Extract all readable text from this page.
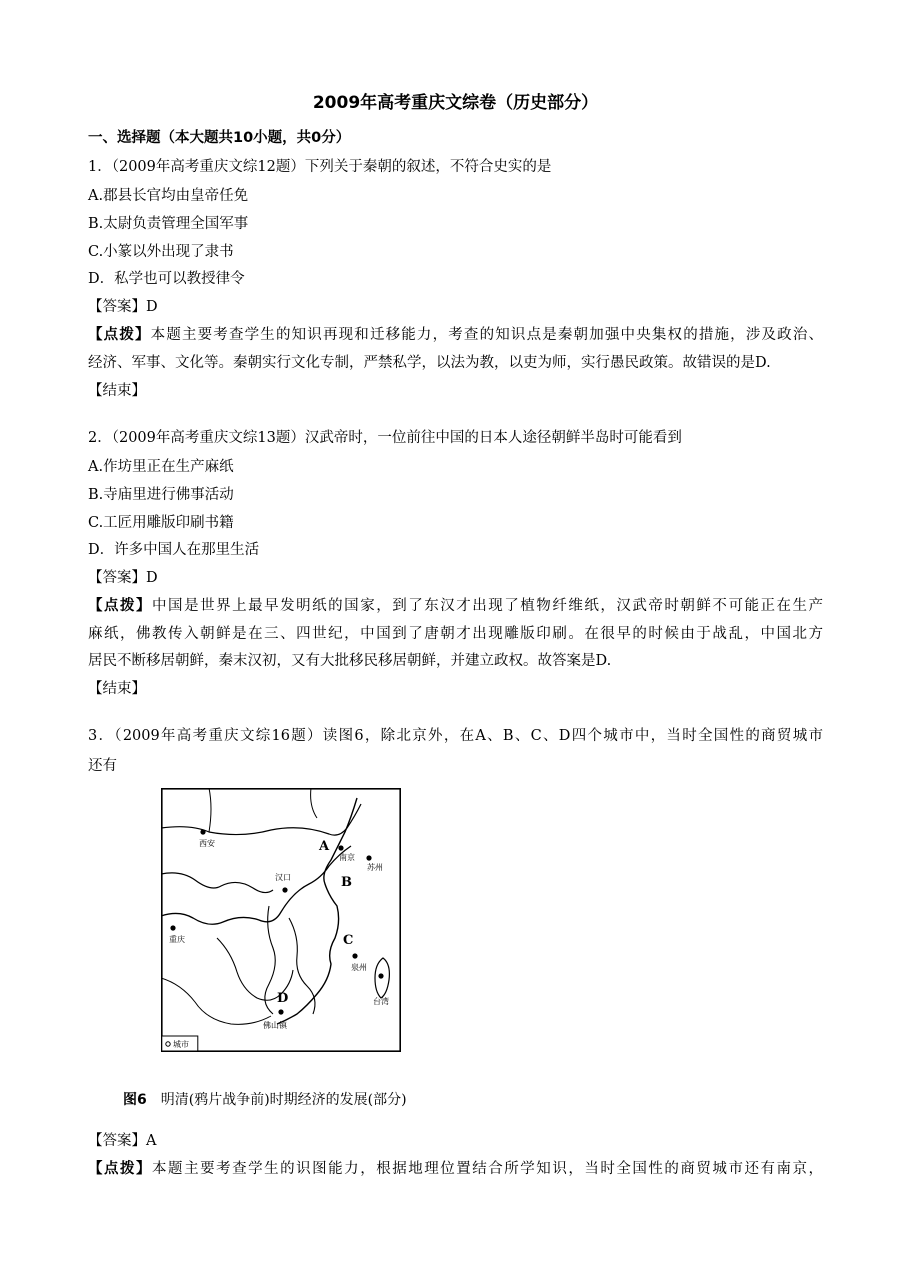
2009年高考重庆文综卷（历史部分）
一、选择题（本大题共10小题，共0分）
1．（2009年高考重庆文综12题）下列关于秦朝的叙述，不符合史实的是
A.郡县长官均由皇帝任免
B.太尉负责管理全国军事
C.小篆以外出现了隶书
D．私学也可以教授律令
【答案】D
【点拨】本题主要考查学生的知识再现和迁移能力，考查的知识点是秦朝加强中央集权的措施，涉及政治、
经济、军事、文化等。秦朝实行文化专制，严禁私学，以法为教，以吏为师，实行愚民政策。故错误的是D.
【结束】
2．（2009年高考重庆文综13题）汉武帝时，一位前往中国的日本人途径朝鲜半岛时可能看到
A.作坊里正在生产麻纸
B.寺庙里进行佛事活动
C.工匠用雕版印刷书籍
D．许多中国人在那里生活
【答案】D
【点拨】中国是世界上最早发明纸的国家，到了东汉才出现了植物纤维纸，汉武帝时朝鲜不可能正在生产
麻纸，佛教传入朝鲜是在三、四世纪，中国到了唐朝才出现雕版印刷。在很早的时候由于战乱，中国北方
居民不断移居朝鲜，秦末汉初，又有大批移民移居朝鲜，并建立政权。故答案是D.
【结束】
3．（2009年高考重庆文综16题）读图6，除北京外，在A、B、C、D四个城市中，当时全国性的商贸城市
还有
西安
南京
苏州
汉口
重庆
泉州
台湾
佛山镇
A
B
C
D
城市
图6 明清(鸦片战争前)时期经济的发展(部分)
【答案】A
【点拨】本题主要考查学生的识图能力，根据地理位置结合所学知识，当时全国性的商贸城市还有南京，
